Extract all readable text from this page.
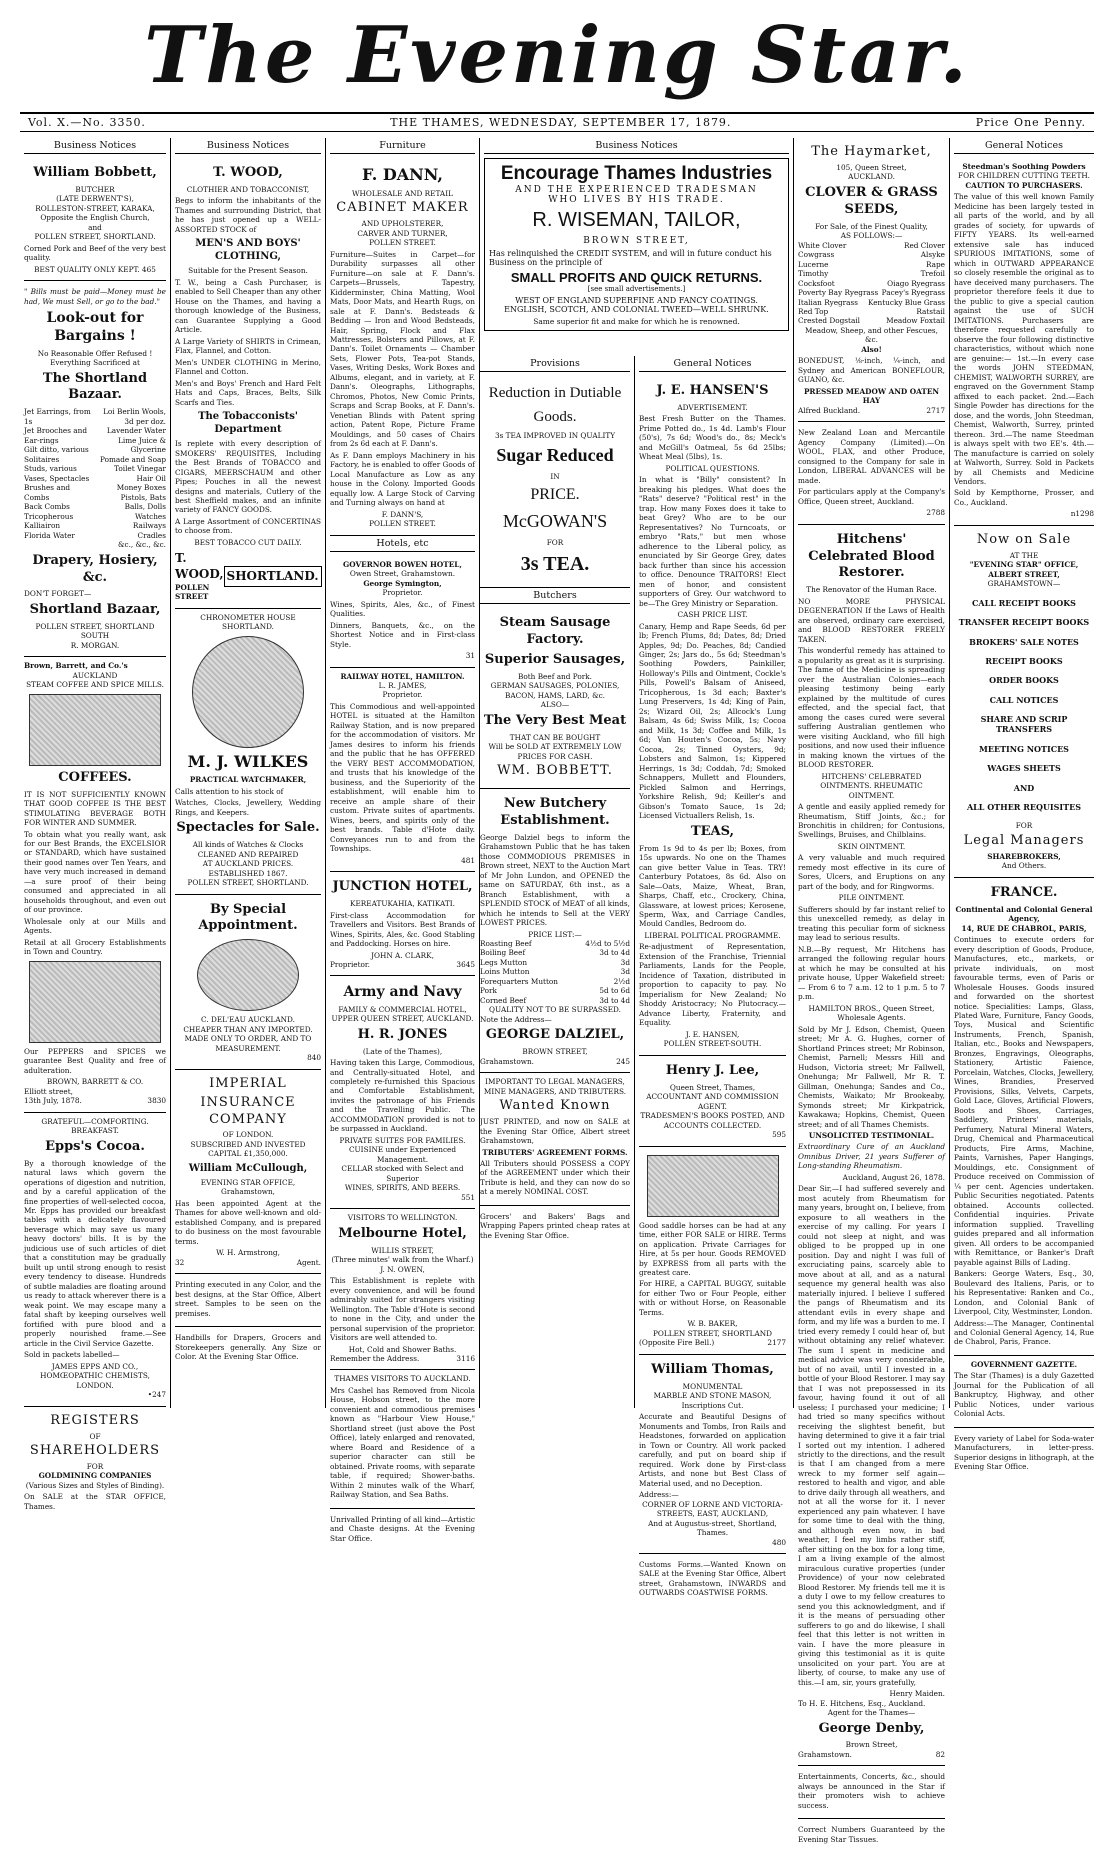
The Evening Star.
Vol. X.—No. 3350.	THE THAMES, WEDNESDAY, SEPTEMBER 17, 1879.	Price One Penny.
Business Notices
William Bobbett,
BUTCHER
(LATE DERWENT'S),
ROLLESTON-STREET, KARAKA,
Opposite the English Church,
and
POLLEN STREET, SHORTLAND.

Corned Pork and Beef of the very best quality.

BEST QUALITY ONLY KEPT. 465

" Bills must be paid—Money must be had, We must Sell, or go to the bad."

Look-out for Bargains !
No Reasonable Offer Refused ! Everything Sacrificed at
The Shortland Bazaar.
Jet Earrings, from 1s
Jet Brooches and Ear-rings
Gilt ditto, various
Solitaires
Studs, various
Vases, Spectacles
Brushes and Combs
Back Combs
Tricopherous
Kalliairon
Florida Water
Loi Berlin Wools, 3d per doz.
Lavender Water
Lime Juice & Glycerine
Pomade and Soap
Toilet Vinegar
Hair Oil
Money Boxes
Pistols, Bats
Balls, Dolls
Watches
Railways
Cradles
&c., &c., &c.
Drapery, Hosiery, &c.
DON'T FORGET—
Shortland Bazaar,
POLLEN STREET, SHORTLAND SOUTH
R. MORGAN.
Brown, Barrett, and Co.'s
AUCKLAND
STEAM COFFEE AND SPICE MILLS.
COFFEES.

IT IS NOT SUFFICIENTLY KNOWN THAT GOOD COFFEE IS THE BEST STIMULATING BEVERAGE BOTH FOR WINTER AND SUMMER.

To obtain what you really want, ask for our Best Brands, the EXCELSIOR or STANDARD, which have sustained their good names over Ten Years, and have very much increased in demand—a sure proof of their being consumed and appreciated in all households throughout, and even out of our province.

Wholesale only at our Mills and Agents.

Retail at all Grocery Establishments in Town and Country.

Our PEPPERS and SPICES we guarantee Best Quality and free of adulteration.

BROWN, BARRETT & CO.
Elliott street,
13th July, 1878.	3830
GRATEFUL—COMFORTING.
BREAKFAST.
Epps's Cocoa.

By a thorough knowledge of the natural laws which govern the operations of digestion and nutrition, and by a careful application of the fine properties of well-selected cocoa, Mr. Epps has provided our breakfast tables with a delicately flavoured beverage which may save us many heavy doctors' bills. It is by the judicious use of such articles of diet that a constitution may be gradually built up until strong enough to resist every tendency to disease. Hundreds of subtle maladies are floating around us ready to attack wherever there is a weak point. We may escape many a fatal shaft by keeping ourselves well fortified with pure blood and a properly nourished frame.—See article in the Civil Service Gazette.

Sold in packets labelled—

JAMES EPPS AND CO., HOMŒOPATHIC CHEMISTS, LONDON.
•247
REGISTERS
OF
SHAREHOLDERS
FOR
GOLDMINING COMPANIES
(Various Sizes and Styles of Binding).

On SALE at the STAR OFFICE, Thames.

Business Notices
T. WOOD,
CLOTHIER AND TOBACCONIST,

Begs to inform the inhabitants of the Thames and surrounding District, that he has just opened up a WELL-ASSORTED STOCK of

MEN'S AND BOYS' CLOTHING,
Suitable for the Present Season.

T. W., being a Cash Purchaser, is enabled to Sell Cheaper than any other House on the Thames, and having a thorough knowledge of the Business, can Guarantee Supplying a Good Article.

A Large Variety of SHIRTS in Crimean, Flax, Flannel, and Cotton.

Men's UNDER CLOTHING in Merino, Flannel and Cotton.

Men's and Boys' French and Hard Felt Hats and Caps, Braces, Belts, Silk Scarfs and Ties.

The Tobacconists' Department

Is replete with every description of SMOKERS' REQUISITES, Including the Best Brands of TOBACCO and CIGARS, MEERSCHAUM and other Pipes; Pouches in all the newest designs and materials, Cutlery of the best Sheffield makes, and an infinite variety of FANCY GOODS.

A Large Assortment of CONCERTINAS to choose from.

BEST TOBACCO CUT DAILY.
T. WOOD,
POLLEN STREET
SHORTLAND.
CHRONOMETER HOUSE
SHORTLAND.
M. J. WILKES
PRACTICAL WATCHMAKER,

Calls attention to his stock of

Watches, Clocks, Jewellery, Wedding Rings, and Keepers.

Spectacles for Sale.
All kinds of Watches & Clocks
CLEANED AND REPAIRED
AT AUCKLAND PRICES.
ESTABLISHED 1867.
POLLEN STREET, SHORTLAND.
By Special Appointment.
C. DEL'EAU AUCKLAND.
CHEAPER THAN ANY IMPORTED.
MADE ONLY TO ORDER, AND TO MEASUREMENT.
840
IMPERIAL
INSURANCE COMPANY
OF LONDON.
SUBSCRIBED AND INVESTED
CAPITAL £1,350,000.
William McCullough,
EVENING STAR OFFICE,
Grahamstown,

Has been appointed Agent at the Thames for above well-known and old-established Company, and is prepared to do business on the most favourable terms.

W. H. Armstrong,
32	Agent.

Printing executed in any Color, and the best designs, at the Star Office, Albert street. Samples to be seen on the premises.

Handbills for Drapers, Grocers and Storekeepers generally. Any Size or Color. At the Evening Star Office.

Furniture
F. DANN,
WHOLESALE AND RETAIL
CABINET MAKER
AND UPHOLSTERER,
CARVER AND TURNER,
POLLEN STREET.

Furniture—Suites in Carpet—for Durability surpasses all other Furniture—on sale at F. Dann's. Carpets—Brussels, Tapestry, Kidderminster, China Matting, Wool Mats, Door Mats, and Hearth Rugs, on sale at F. Dann's. Bedsteads & Bedding — Iron and Wood Bedsteads, Hair, Spring, Flock and Flax Mattresses, Bolsters and Pillows, at F. Dann's. Toilet Ornaments — Chamber Sets, Flower Pots, Tea-pot Stands, Vases, Writing Desks, Work Boxes and Albums, elegant, and in variety, at F. Dann's. Oleographs, Lithographs, Chromos, Photos, New Comic Prints, Scraps and Scrap Books, at F. Dann's. Venetian Blinds with Patent spring action, Patent Rope, Picture Frame Mouldings, and 50 cases of Chairs from 2s 6d each at F. Dann's.

As F. Dann employs Machinery in his Factory, he is enabled to offer Goods of Local Manufacture as Low as any house in the Colony. Imported Goods equally low. A Large Stock of Carving and Turning always on hand at

F. DANN'S,
POLLEN STREET.
Hotels, etc
GOVERNOR BOWEN HOTEL,
Owen Street, Grahamstown.
George Symington,
Proprietor.

Wines, Spirits, Ales, &c., of Finest Qualities.

Dinners, Banquets, &c., on the Shortest Notice and in First-class Style.

31
RAILWAY HOTEL, HAMILTON.
L. R. JAMES,
Proprietor.

This Commodious and well-appointed HOTEL is situated at the Hamilton Railway Station, and is now prepared for the accommodation of visitors. Mr James desires to inform his friends and the public that he has OFFERED the VERY BEST ACCOMMODATION, and trusts that his knowledge of the business, and the Superiority of the establishment, will enable him to receive an ample share of their custom. Private suites of apartments. Wines, beers, and spirits only of the best brands. Table d'Hote daily. Conveyances run to and from the Townships.

481
JUNCTION HOTEL,
KEREATUKAHIA, KATIKATI.

First-class Accommodation for Travellers and Visitors. Best Brands of Wines, Spirits, Ales, &c. Good Stabling and Paddocking. Horses on hire.

JOHN A. CLARK,
Proprietor.	3645
Army and Navy
FAMILY & COMMERCIAL HOTEL,
UPPER QUEEN STREET, AUCKLAND.
H. R. JONES
(Late of the Thames),

Having taken this Large, Commodious, and Centrally-situated Hotel, and completely re-furnished this Spacious and Comfortable Establishment, invites the patronage of his Friends and the Travelling Public. The ACCOMMODATION provided is not to be surpassed in Auckland.

PRIVATE SUITES FOR FAMILIES.
CUISINE under Experienced Management.
CELLAR stocked with Select and Superior
WINES, SPIRITS, AND BEERS.
551
VISITORS TO WELLINGTON.
Melbourne Hotel,
WILLIS STREET,
(Three minutes' walk from the Wharf.)
J. N. OWEN,

This Establishment is replete with every convenience, and will be found admirably suited for strangers visiting Wellington. The Table d'Hote is second to none in the City, and under the personal supervision of the proprietor. Visitors are well attended to.

Hot, Cold and Shower Baths.
Remember the Address.	3116
THAMES VISITORS TO AUCKLAND.

Mrs Cashel has Removed from Nicola House, Hobson street, to the more convenient and commodious premises known as "Harbour View House," Shortland street (just above the Post Office), lately enlarged and renovated, where Board and Residence of a superior character can still be obtained. Private rooms, with separate table, if required; Shower-baths. Within 2 minutes walk of the Wharf, Railway Station, and Sea Baths.

Unrivalled Printing of all kind—Artistic and Chaste designs. At the Evening Star Office.

Business Notices
Encourage Thames Industries
AND THE EXPERIENCED TRADESMAN
WHO LIVES BY HIS TRADE.
R. WISEMAN, TAILOR,
BROWN STREET,

Has relinquished the CREDIT SYSTEM, and will in future conduct his Business on the principle of

SMALL PROFITS AND QUICK RETURNS.
[see small advertisements.]
WEST OF ENGLAND SUPERFINE AND FANCY COATINGS.
ENGLISH, SCOTCH, AND COLONIAL TWEED—WELL SHRUNK.
Same superior fit and make for which he is renowned.
Provisions
Reduction in Dutiable
Goods.
3s TEA IMPROVED IN QUALITY
Sugar Reduced
IN
PRICE.
McGOWAN'S
FOR
3s TEA.
Butchers
Steam Sausage Factory.
Superior Sausages,
Both Beef and Pork.
GERMAN SAUSAGES, POLONIES,
BACON, HAMS, LARD, &c.
ALSO—
The Very Best Meat
THAT CAN BE BOUGHT
Will be SOLD AT EXTREMELY LOW
PRICES FOR CASH.
WM. BOBBETT.
New Butchery Establishment.

George Dalziel begs to inform the Grahamstown Public that he has taken those COMMODIOUS PREMISES in Brown street, NEXT to the Auction Mart of Mr John Lundon, and OPENED the same on SATURDAY, 6th inst., as a Branch Establishment, with a SPLENDID STOCK of MEAT of all kinds, which he intends to Sell at the VERY LOWEST PRICES.

PRICE LIST:—
Roasting Beef	4½d to 5½d
Boiling Beef	3d to 4d
Legs Mutton	3d
Loins Mutton	3d
Forequarters Mutton	2½d
Pork	5d to 6d
Corned Beef	3d to 4d
QUALITY NOT TO BE SURPASSED.
Note the Address—
GEORGE DALZIEL,
BROWN STREET,
Grahamstown.	245
IMPORTANT TO LEGAL MANAGERS, MINE MANAGERS, AND TRIBUTERS.
Wanted Known

JUST PRINTED, and now on SALE at the Evening Star Office, Albert street Grahamstown,

TRIBUTERS' AGREEMENT FORMS.

All Tributers should POSSESS a COPY of the AGREEMENT under which their Tribute is held, and they can now do so at a merely NOMINAL COST.

Grocers' and Bakers' Bags and Wrapping Papers printed cheap rates at the Evening Star Office.

General Notices
J. E. HANSEN'S
ADVERTISEMENT.

Best Fresh Butter on the Thames. Prime Potted do., 1s 4d. Lamb's Flour (50's), 7s 6d; Wood's do., 8s; Meck's and McGill's Oatmeal, 5s 6d 25lbs; Wheat Meal (5lbs), 1s.

POLITICAL QUESTIONS.

In what is "Billy" consistent? In breaking his pledges. What does the "Rats" deserve? "Political rest" in the trap. How many Foxes does it take to beat Grey? Who are to be our Representatives? No Turncoats, or embryo "Rats," but men whose adherence to the Liberal policy, as enunciated by Sir George Grey, dates back further than since his accession to office. Denounce TRAITORS! Elect men of honor, and consistent supporters of Grey. Our watchword to be—The Grey Ministry or Separation.

CASH PRICE LIST.

Canary, Hemp and Rape Seeds, 6d per lb; French Plums, 8d; Dates, 8d; Dried Apples, 9d; Do. Peaches, 8d; Candied Ginger, 2s; Jars do., 5s 6d; Steedman's Soothing Powders, Painkiller, Holloway's Pills and Ointment, Cockle's Pills, Powell's Balsam of Aniseed, Tricopherous, 1s 3d each; Baxter's Lung Preservers, 1s 4d; King of Pain, 2s; Wizard Oil, 2s; Allcock's Lung Balsam, 4s 6d; Swiss Milk, 1s; Cocoa and Milk, 1s 3d; Coffee and Milk, 1s 6d; Van Houten's Cocoa, 5s; Navy Cocoa, 2s; Tinned Oysters, 9d; Lobsters and Salmon, 1s; Kippered Herrings, 1s 3d; Coddah, 7d; Smoked Schnappers, Mullett and Flounders, Pickled Salmon and Herrings, Yorkshire Relish, 9d; Keiller's and Gibson's Tomato Sauce, 1s 2d; Licensed Victuallers Relish, 1s.

TEAS,

From 1s 9d to 4s per lb; Boxes, from 15s upwards. No one on the Thames can give better Value in Teas. TRY! Canterbury Potatoes, 8s 6d. Also on Sale—Oats, Maize, Wheat, Bran, Sharps, Chaff, etc., Crockery, China, Glassware, at lowest prices; Kerosene, Sperm, Wax, and Carriage Candles, Mould Candles, Bedroom do.

LIBERAL POLITICAL PROGRAMME.

Re-adjustment of Representation, Extension of the Franchise, Triennial Parliaments, Lands for the People, Incidence of Taxation, distributed in proportion to capacity to pay. No Imperialism for New Zealand; No Shoddy Aristocracy; No Plutocracy.—Advance Liberty, Fraternity, and Equality.

J. E. HANSEN,
POLLEN STREET-SOUTH.
Henry J. Lee,
Queen Street, Thames,
ACCOUNTANT AND COMMISSION AGENT.
TRADESMEN'S BOOKS POSTED, AND ACCOUNTS COLLECTED.
595

Good saddle horses can be had at any time, either FOR SALE or HIRE. Terms on application. Private Carriages for Hire, at 5s per hour. Goods REMOVED by EXPRESS from all parts with the greatest care.

For HIRE, a CAPITAL BUGGY, suitable for either Two or Four People, either with or without Horse, on Reasonable Terms.

W. B. BAKER,
POLLEN STREET, SHORTLAND
(Opposite Fire Bell.)	2177
William Thomas,
MONUMENTAL
MARBLE AND STONE MASON,
Inscriptions Cut.

Accurate and Beautiful Designs of Monuments and Tombs, Iron Rails and Headstones, forwarded on application in Town or Country. All work packed carefully, and put on board ship if required. Work done by First-class Artists, and none but Best Class of Material used, and no Deception.

Address:—
CORNER OF LORNE AND VICTORIA-STREETS, EAST, AUCKLAND,
And at Augustus-street, Shortland, Thames.
480

Customs Forms.—Wanted Known on SALE at the Evening Star Office, Albert street, Grahamstown, INWARDS and OUTWARDS COASTWISE FORMS.

The Haymarket,
105, Queen Street,
AUCKLAND.
CLOVER & GRASS SEEDS,
For Sale, of the Finest Quality,
AS FOLLOWS:—
White Clover	Red Clover
Cowgrass	Alsyke
Lucerne	Rape
Timothy	Trefoil
Cocksfoot	Oiago Ryegrass
Poverty Bay Ryegrass Pacey's Ryegrass
Italian Ryegrass Kentucky Blue Grass
Red Top	Ratstail
Crested Dogstail	Meadow Foxtail
Meadow, Sheep, and other Fescues, &c.
Also!

BONEDUST, ⅛-inch, ¼-inch, and Sydney and American BONEFLOUR, GUANO, &c.

PRESSED MEADOW AND OATEN HAY
Alfred Buckland.	2717

New Zealand Loan and Mercantile Agency Company (Limited).—On WOOL, FLAX, and other Produce, consigned to the Company for sale in London, LIBERAL ADVANCES will be made.

For particulars apply at the Company's Office, Queen street, Auckland.

2788
Hitchens' Celebrated Blood Restorer.
The Renovator of the Human Race.

NO MORE PHYSICAL DEGENERATION If the Laws of Health are observed, ordinary care exercised, and BLOOD RESTORER FREELY TAKEN.

This wonderful remedy has attained to a popularity as great as it is surprising. The fame of the Medicine is spreading over the Australian Colonies—each pleasing testimony being early explained by the multitude of cures effected, and the special fact, that among the cases cured were several suffering Australian gentlemen who were visiting Auckland, who fill high positions, and now used their influence in making known the virtues of the BLOOD RESTORER.

HITCHENS' CELEBRATED OINTMENTS. RHEUMATIC OINTMENT.

A gentle and easily applied remedy for Rheumatism, Stiff Joints, &c.; for Bronchitis in children; for Contusions, Swellings, Bruises, and Chilblains.

SKIN OINTMENT.

A very valuable and much required remedy most effective in its cure of Sores, Ulcers, and Eruptions on any part of the body, and for Ringworms.

PILE OINTMENT.

Sufferers should by far instant relief to this unexcelled remedy, as delay in treating this peculiar form of sickness may lead to serious results.

N.B.—By request, Mr Hitchens has arranged the following regular hours at which he may be consulted at his private house, Upper Wakefield street:— From 6 to 7 a.m. 12 to 1 p.m. 5 to 7 p.m.

HAMILTON BROS., Queen Street, Wholesale Agents.

Sold by Mr J. Edson, Chemist, Queen street; Mr A. G. Hughes, corner of Shortland Princes street; Mr Robinson, Chemist, Parnell; Messrs Hill and Hudson, Victoria street; Mr Fallwell, Onehunga; Mr Fallwell, Mr R. T. Gillman, Onehunga; Sandes and Co., Chemists, Waikato; Mr Brookeaby, Symonds street; Mr Kirkpatrick, Kawakawa; Hopkins, Chemist, Queen street; and of all Thames Chemists.

UNSOLICITED TESTIMONIAL.

Extraordinary Cure of an Auckland Omnibus Driver, 21 years Sufferer of Long-standing Rheumatism.

Auckland, August 26, 1878.

Dear Sir,—I had suffered severely and most acutely from Rheumatism for many years, brought on, I believe, from exposure to all weathers in the exercise of my calling. For years I could not sleep at night, and was obliged to be propped up in one position. Day and night I was full of excruciating pains, scarcely able to move about at all, and as a natural sequence my general health was also materially injured. I believe I suffered the pangs of Rheumatism and its attendant evils in every shape and form, and my life was a burden to me. I tried every remedy I could hear of, but without obtaining any relief whatever. The sum I spent in medicine and medical advice was very considerable, but of no avail, until I invested in a bottle of your Blood Restorer. I may say that I was not prepossessed in its favour, having found it out of all useless; I purchased your medicine; I had tried so many specifics without receiving the slightest benefit, but having determined to give it a fair trial I sorted out my intention. I adhered strictly to the directions, and the result is that I am changed from a mere wreck to my former self again—restored to health and vigor, and able to drive daily through all weathers, and not at all the worse for it. I never experienced any pain whatever. I have for some time to deal with the thing, and although even now, in bad weather, I feel my limbs rather stiff, after sitting on the box for a long time, I am a living example of the almost miraculous curative properties (under Providence) of your now celebrated Blood Restorer. My friends tell me it is a duty I owe to my fellow creatures to send you this acknowledgment, and if it is the means of persuading other sufferers to go and do likewise, I shall feel that this letter is not written in vain. I have the more pleasure in giving this testimonial as it is quite unsolicited on your part. You are at liberty, of course, to make any use of this.—I am, sir, yours gratefully,

Henry Maiden.
To H. E. Hitchens, Esq., Auckland.
Agent for the Thames—
George Denby,
Brown Street,
Grahamstown.	82

Entertainments, Concerts, &c., should always be announced in the Star if their promoters wish to achieve success.

Correct Numbers Guaranteed by the Evening Star Tissues.

General Notices
Steedman's Soothing Powders
FOR CHILDREN CUTTING TEETH.
CAUTION TO PURCHASERS.

The value of this well known Family Medicine has been largely tested in all parts of the world, and by all grades of society, for upwards of FIFTY YEARS. Its well-earned extensive sale has induced SPURIOUS IMITATIONS, some of which in OUTWARD APPEARANCE so closely resemble the original as to have deceived many purchasers. The proprietor therefore feels it due to the public to give a special caution against the use of SUCH IMITATIONS. Purchasers are therefore requested carefully to observe the four following distinctive characteristics, without which none are genuine:— 1st.—In every case the words JOHN STEEDMAN, CHEMIST, WALWORTH SURREY, are engraved on the Government Stamp affixed to each packet. 2nd.—Each Single Powder has directions for the dose, and the words, John Steedman, Chemist, Walworth, Surrey, printed thereon. 3rd.—The name Steedman is always spelt with two EE's. 4th.—The manufacture is carried on solely at Walworth, Surrey. Sold in Packets by all Chemists and Medicine Vendors.

Sold by Kempthorne, Prosser, and Co., Auckland.

n1298
Now on Sale
AT THE
"EVENING STAR" OFFICE,
ALBERT STREET,
GRAHAMSTOWN—
CALL RECEIPT BOOKS
TRANSFER RECEIPT BOOKS
BROKERS' SALE NOTES
RECEIPT BOOKS
ORDER BOOKS
CALL NOTICES
SHARE AND SCRIP TRANSFERS
MEETING NOTICES
WAGES SHEETS
AND
ALL OTHER REQUISITES
FOR
Legal Managers
SHAREBROKERS,
And Others.
FRANCE.
Continental and Colonial General Agency,
14, RUE DE CHABROL, PARIS,

Continues to execute orders for every description of Goods, Produce, Manufactures, etc., markets, or private individuals, on most favourable terms, even of Paris or Wholesale Houses. Goods insured and forwarded on the shortest notice. Specialities: Lamps, Glass, Plated Ware, Furniture, Fancy Goods, Toys, Musical and Scientific Instruments, French, Spanish, Italian, etc., Books and Newspapers, Bronzes, Engravings, Oleographs, Stationery, Artistic Faience, Porcelain, Watches, Clocks, Jewellery, Wines, Brandies, Preserved Provisions, Silks, Velvets, Carpets, Gold Lace, Gloves, Artificial Flowers, Boots and Shoes, Carriages, Saddlery, Printers' materials, Perfumery, Natural Mineral Waters, Drug, Chemical and Pharmaceutical Products, Fire Arms, Machine, Paints, Varnishes, Paper Hangings, Mouldings, etc. Consignment of Produce received on Commission of ¼ per cent. Agencies undertaken. Public Securities negotiated. Patents obtained. Accounts collected. Confidential inquiries. Private information supplied. Travelling guides prepared and all information given. All orders to be accompanied with Remittance, or Banker's Draft payable against Bills of Lading.

Bankers: George Waters, Esq., 30, Boulevard des Italiens, Paris, or to his Representative: Ranken and Co., London, and Colonial Bank of Liverpool, City, Westminster, London.

Address:—The Manager, Continental and Colonial General Agency, 14, Rue de Chabrol, Paris, France.

GOVERNMENT GAZETTE.

The Star (Thames) is a duly Gazetted Journal for the Publication of all Bankruptcy, Highway, and other Public Notices, under various Colonial Acts.

Every variety of Label for Soda-water Manufacturers, in letter-press. Superior designs in lithograph, at the Evening Star Office.
